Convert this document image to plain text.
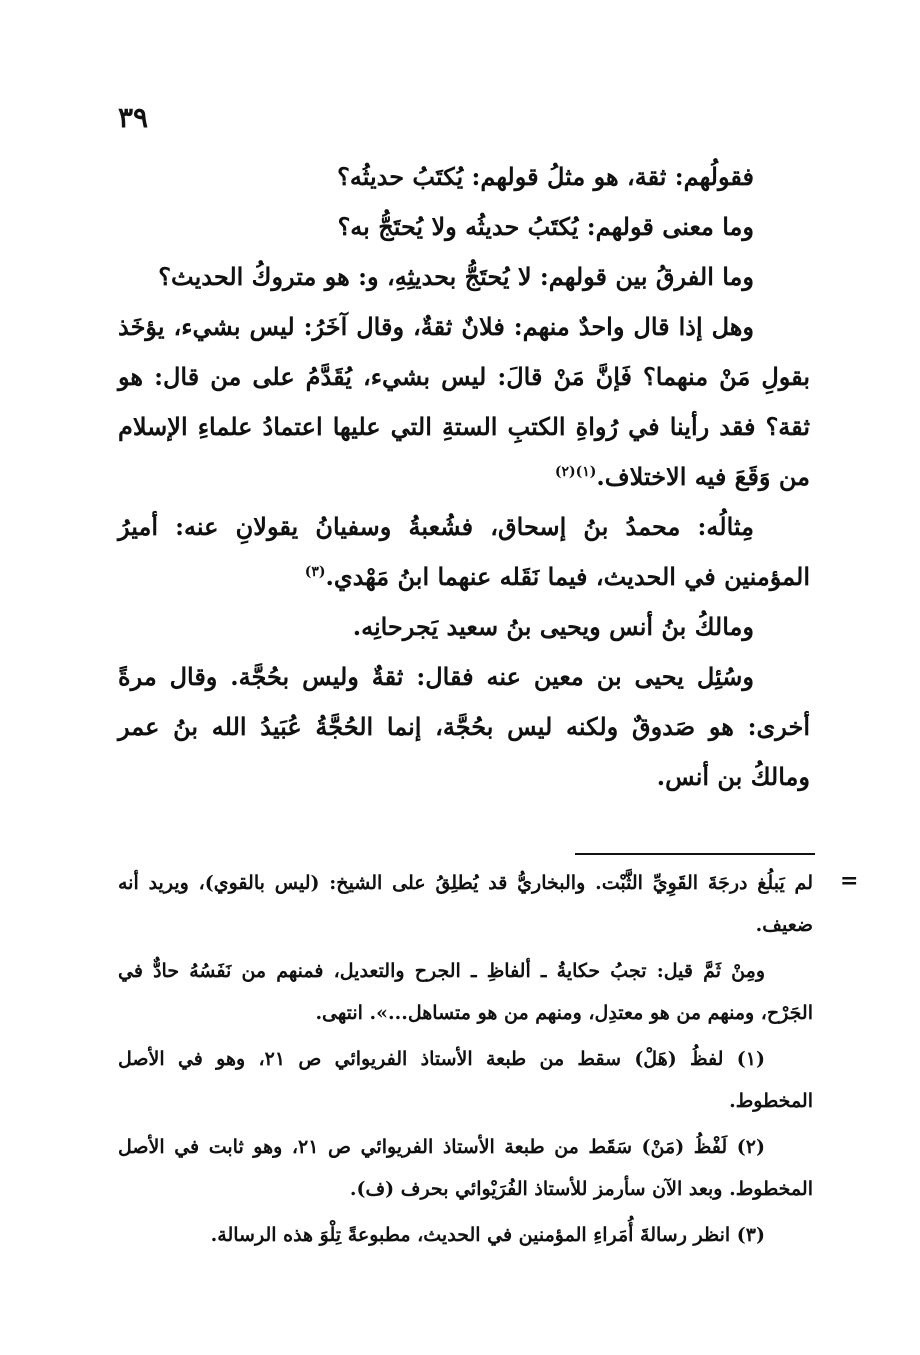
٣٩

فقولُهم: ثقة، هو مثلُ قولهم: يُكتَبُ حديثُه؟

وما معنى قولهم: يُكتَبُ حديثُه ولا يُحتَجُّ به؟

وما الفرقُ بين قولهم: لا يُحتَجُّ بحديثِهِ، و: هو متروكُ الحديث؟

وهل إذا قال واحدٌ منهم: فلانٌ ثقةٌ، وقال آخَرُ: ليس بشيء، يؤخَذ بقولِ مَنْ منهما؟ فَإنَّ مَنْ قالَ: ليس بشيء، يُقَدَّمُ على من قال: هو ثقة؟ فقد رأينا في رُواةِ الكتبِ الستةِ التي عليها اعتمادُ علماءِ الإسلام من وَقَعَ فيه الاختلاف.$^{(١)(٢)}$

مِثالُه: محمدُ بنُ إسحاق، فشُعبةُ وسفيانُ يقولانِ عنه: أميرُ المؤمنين في الحديث، فيما نَقَله عنهما ابنُ مَهْدي.$^{(٣)}$

ومالكُ بنُ أنس ويحيى بنُ سعيد يَجرحانِه.

وسُئِل يحيى بن معين عنه فقال: ثقةٌ وليس بحُجَّة. وقال مرةً أخرى: هو صَدوقٌ ولكنه ليس بحُجَّة، إنما الحُجَّةُ عُبَيدُ الله بنُ عمر ومالكُ بن أنس.

=

لم يَبلُغ درجَةَ القَوِيِّ الثَّبْت. والبخاريُّ قد يُطلِقُ على الشيخ: (ليس بالقوي)، ويريد أنه ضعيف.

ومِنْ ثَمَّ قيل: تجبُ حكايةُ ـ ألفاظِ ـ الجرح والتعديل، فمنهم من نَفَسُهُ حادٌّ في الجَرْح، ومنهم من هو معتدِل، ومنهم من هو متساهل...». انتهى.

(١) لفظُ (هَلْ) سقط من طبعة الأستاذ الفريوائي ص ٢١، وهو في الأصل المخطوط.

(٢) لَفْظُ (مَنْ) سَقَط من طبعة الأستاذ الفريوائي ص ٢١، وهو ثابت في الأصل المخطوط. وبعد الآن سأرمز للأستاذ الفُرَيْوائي بحرف (ف).

(٣) انظر رسالةَ أُمَراءِ المؤمنين في الحديث، مطبوعةً تِلْوَ هذه الرسالة.
